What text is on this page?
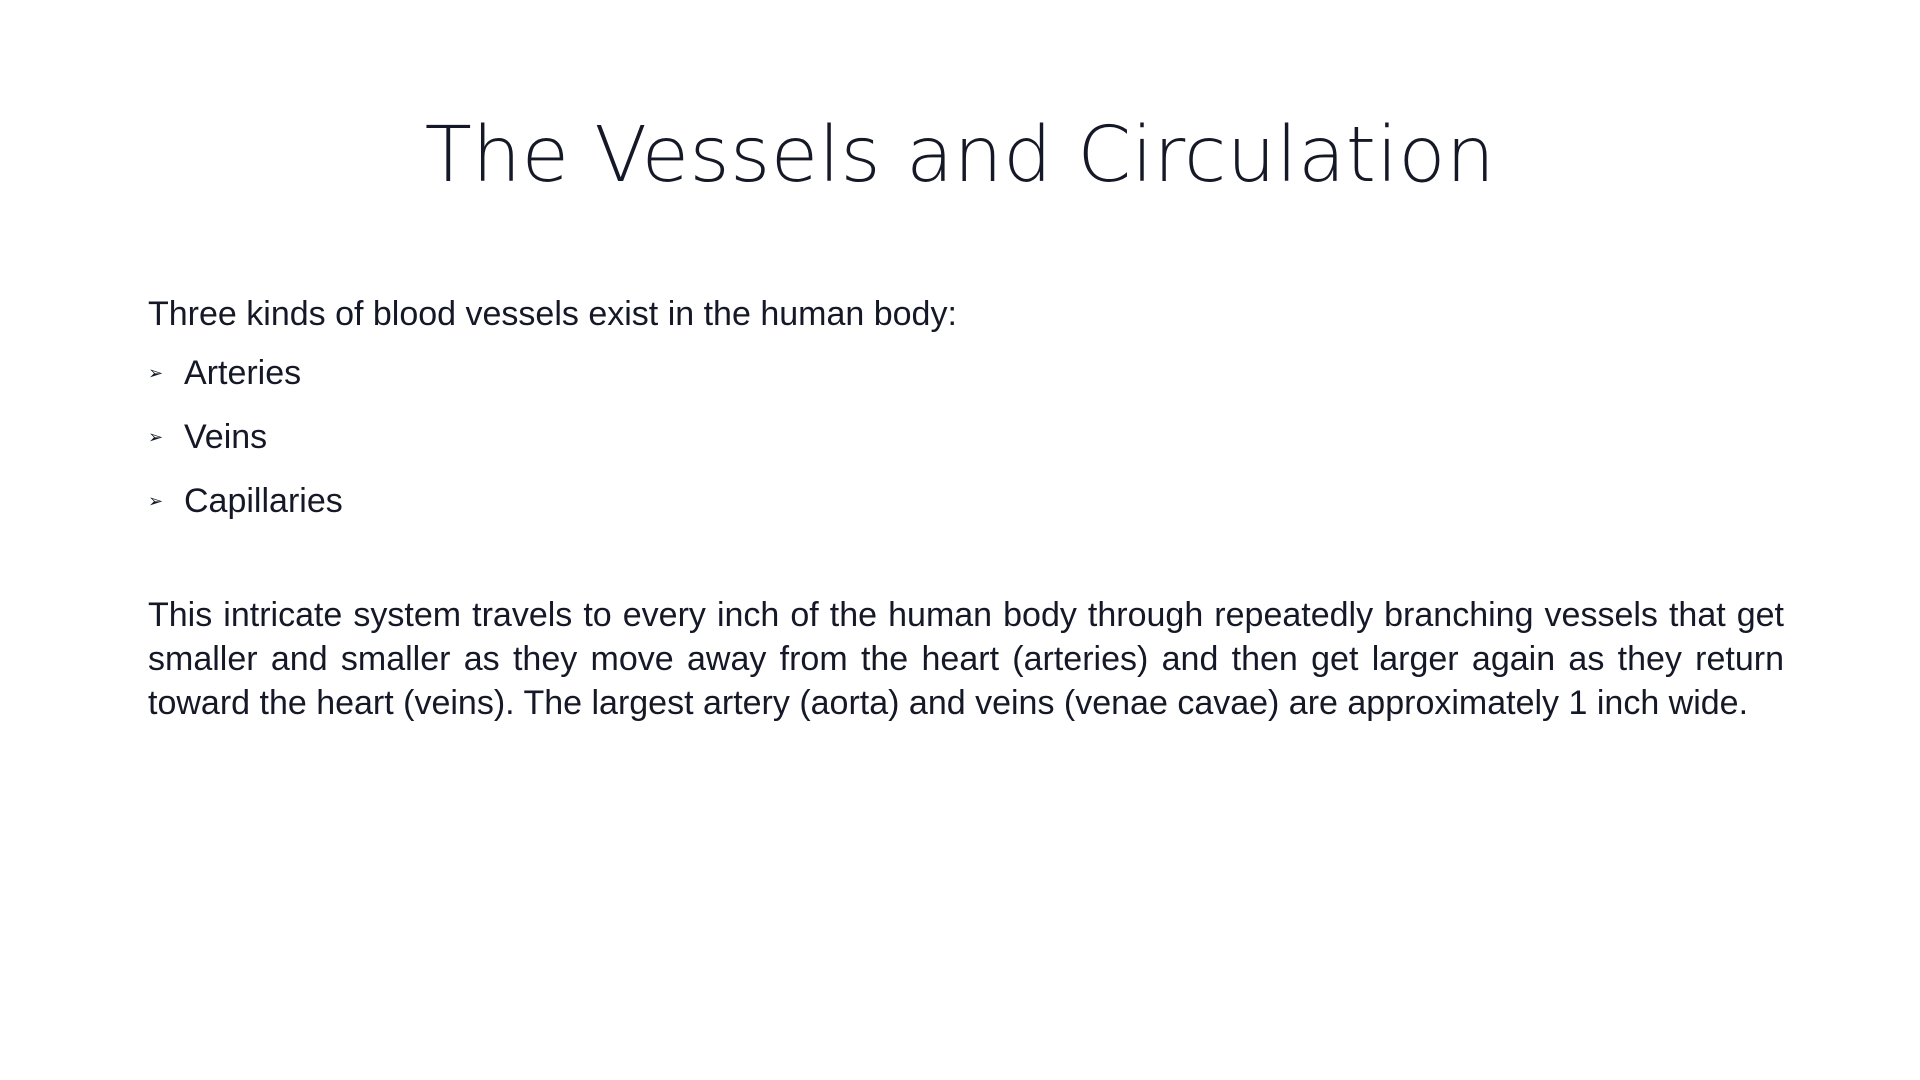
The Vessels and Circulation

Three kinds of blood vessels exist in the human body:

➢ Arteries
➢ Veins
➢ Capillaries

This intricate system travels to every inch of the human body through repeatedly branching vessels that get smaller and smaller as they move away from the heart (arteries) and then get larger again as they return toward the heart (veins). The largest artery (aorta) and veins (venae cavae) are approximately 1 inch wide.
